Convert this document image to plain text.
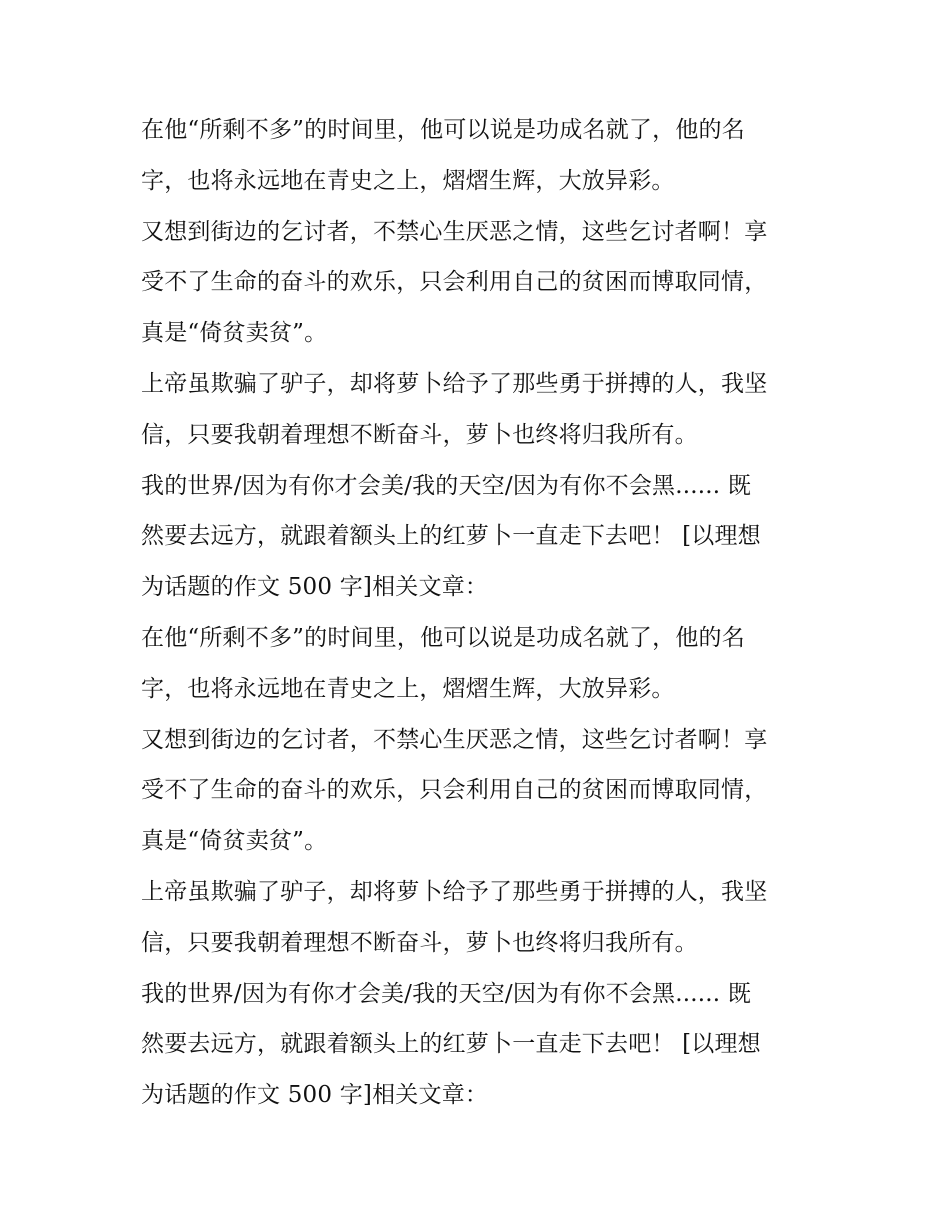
在他“所剩不多”的时间里，他可以说是功成名就了，他的名
字，也将永远地在青史之上，熠熠生辉，大放异彩。
又想到街边的乞讨者，不禁心生厌恶之情，这些乞讨者啊！享
受不了生命的奋斗的欢乐，只会利用自己的贫困而博取同情，
真是“倚贫卖贫”。
上帝虽欺骗了驴子，却将萝卜给予了那些勇于拼搏的人，我坚
信，只要我朝着理想不断奋斗，萝卜也终将归我所有。
我的世界/因为有你才会美/我的天空/因为有你不会黑...... 既
然要去远方，就跟着额头上的红萝卜一直走下去吧！ [以理想
为话题的作文 500 字]相关文章：
在他“所剩不多”的时间里，他可以说是功成名就了，他的名
字，也将永远地在青史之上，熠熠生辉，大放异彩。
又想到街边的乞讨者，不禁心生厌恶之情，这些乞讨者啊！享
受不了生命的奋斗的欢乐，只会利用自己的贫困而博取同情，
真是“倚贫卖贫”。
上帝虽欺骗了驴子，却将萝卜给予了那些勇于拼搏的人，我坚
信，只要我朝着理想不断奋斗，萝卜也终将归我所有。
我的世界/因为有你才会美/我的天空/因为有你不会黑...... 既
然要去远方，就跟着额头上的红萝卜一直走下去吧！ [以理想
为话题的作文 500 字]相关文章：
